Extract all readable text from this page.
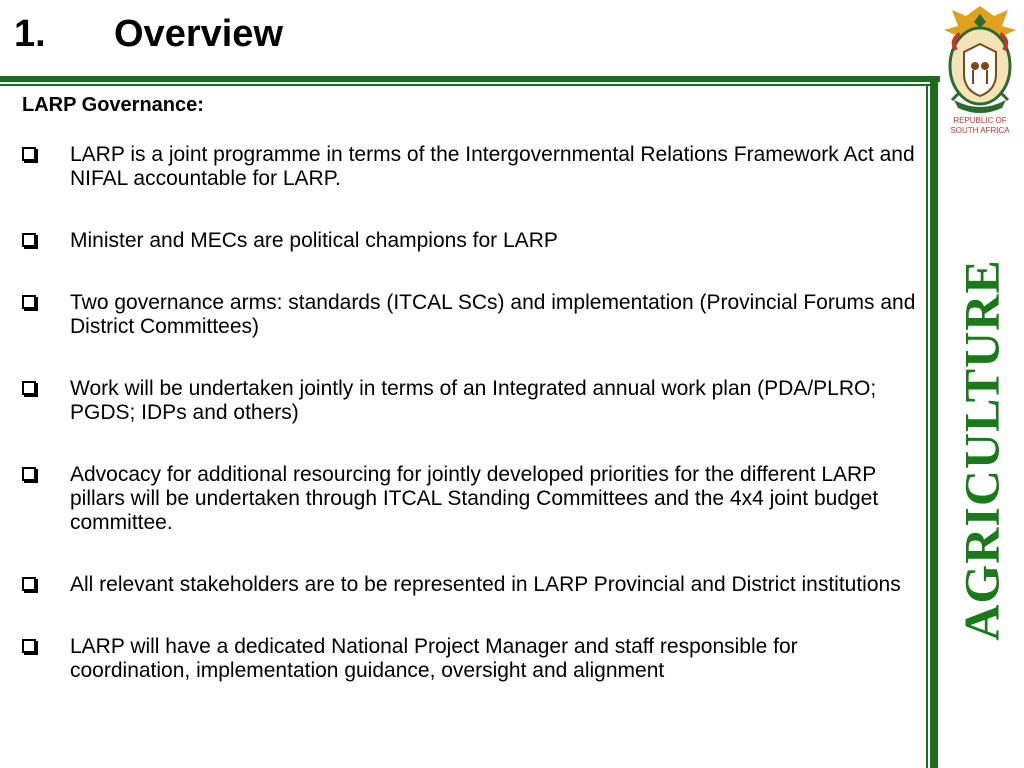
1.	Overview
REPUBLIC OF
SOUTH AFRICA
LARP Governance:
LARP is a joint programme in terms of the Intergovernmental Relations Framework Act and NIFAL accountable for LARP.
Minister and MECs are political champions for LARP
Two governance arms: standards (ITCAL SCs) and implementation (Provincial Forums and District Committees)
Work will be undertaken jointly in terms of an Integrated annual work plan (PDA/PLRO; PGDS; IDPs and others)
Advocacy for additional resourcing for jointly developed priorities for the different LARP pillars will be undertaken through ITCAL Standing Committees and the 4x4 joint budget committee.
All relevant stakeholders are to be represented in LARP Provincial and District institutions
LARP will have a dedicated National Project Manager and staff responsible for coordination, implementation guidance, oversight and alignment
AGRICULTURE
